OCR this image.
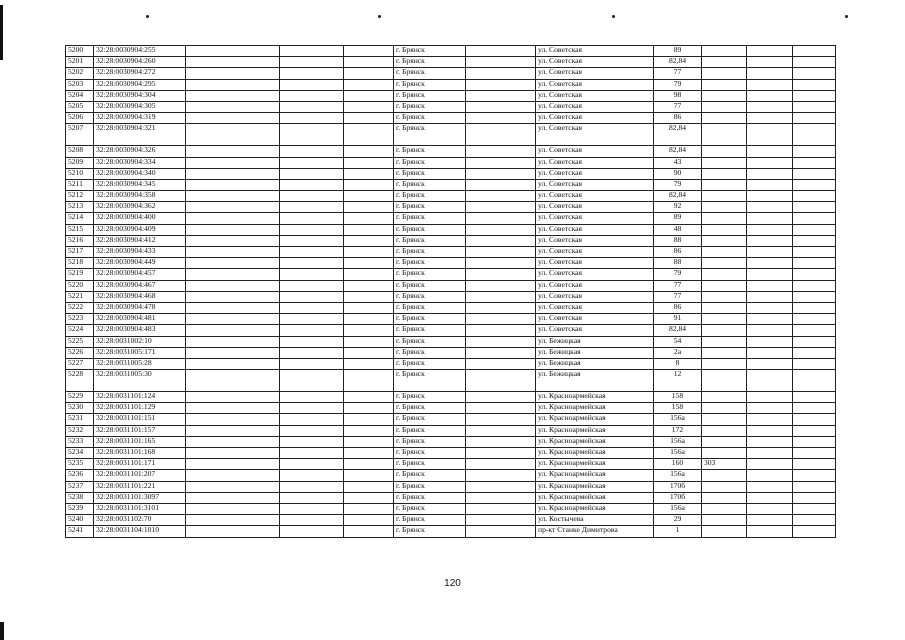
5200	32:28:0030904:255				г. Брянск		ул. Советская	89			
5201	32:28:0030904:260				г. Брянск		ул. Советская	82,84			
5202	32:28:0030904:272				г. Брянск		ул. Советская	77			
5203	32:28:0030904:295				г. Брянск		ул. Советская	79			
5204	32:28:0030904:304				г. Брянск		ул. Советская	98			
5205	32:28:0030904:305				г. Брянск		ул. Советская	77			
5206	32:28:0030904:319				г. Брянск		ул. Советская	86			
5207	32:28:0030904:321				г. Брянск		ул. Советская	82,84			
5208	32:28:0030904:326				г. Брянск		ул. Советская	82,84			
5209	32:28:0030904:334				г. Брянск		ул. Советская	43			
5210	32:28:0030904:340				г. Брянск		ул. Советская	90			
5211	32:28:0030904:345				г. Брянск		ул. Советская	79			
5212	32:28:0030904:358				г. Брянск		ул. Советская	82,84			
5213	32:28:0030904:362				г. Брянск		ул. Советская	92			
5214	32:28:0030904:400				г. Брянск		ул. Советская	89			
5215	32:28:0030904:409				г. Брянск		ул. Советская	48			
5216	32:28:0030904:412				г. Брянск		ул. Советская	88			
5217	32:28:0030904:433				г. Брянск		ул. Советская	86			
5218	32:28:0030904:449				г. Брянск		ул. Советская	88			
5219	32:28:0030904:457				г. Брянск		ул. Советская	79			
5220	32:28:0030904:467				г. Брянск		ул. Советская	77			
5221	32:28:0030904:468				г. Брянск		ул. Советская	77			
5222	32:28:0030904:478				г. Брянск		ул. Советская	86			
5223	32:28:0030904:481				г. Брянск		ул. Советская	91			
5224	32:28:0030904:483				г. Брянск		ул. Советская	82,84			
5225	32:28:0031002:10				г. Брянск		ул. Бежицкая	54			
5226	32:28:0031005:171				г. Брянск		ул. Бежицкая	2а			
5227	32:28:0031005:28				г. Брянск		ул. Бежицкая	8			
5228	32:28:0031005:30				г. Брянск		ул. Бежицкая	12			
5229	32:28:0031101:124				г. Брянск		ул. Красноармейская	158			
5230	32:28:0031101:129				г. Брянск		ул. Красноармейская	158			
5231	32:28:0031101:151				г. Брянск		ул. Красноармейская	156а			
5232	32:28:0031101:157				г. Брянск		ул. Красноармейская	172			
5233	32:28:0031101:165				г. Брянск		ул. Красноармейская	156а			
5234	32:28:0031101:168				г. Брянск		ул. Красноармейская	156а			
5235	32:28:0031101:171				г. Брянск		ул. Красноармейская	160	303		
5236	32:28:0031101:207				г. Брянск		ул. Красноармейская	156а			
5237	32:28:0031101:221				г. Брянск		ул. Красноармейская	170б			
5238	32:28:0031101:3097				г. Брянск		ул. Красноармейская	170б			
5239	32:28:0031101:3101				г. Брянск		ул. Красноармейская	156а			
5240	32:28:0031102:70				г. Брянск		ул. Костычева	29			
5241	32:28:0031104:1010				г. Брянск		пр-кт Станке Димитрова	1			
120
